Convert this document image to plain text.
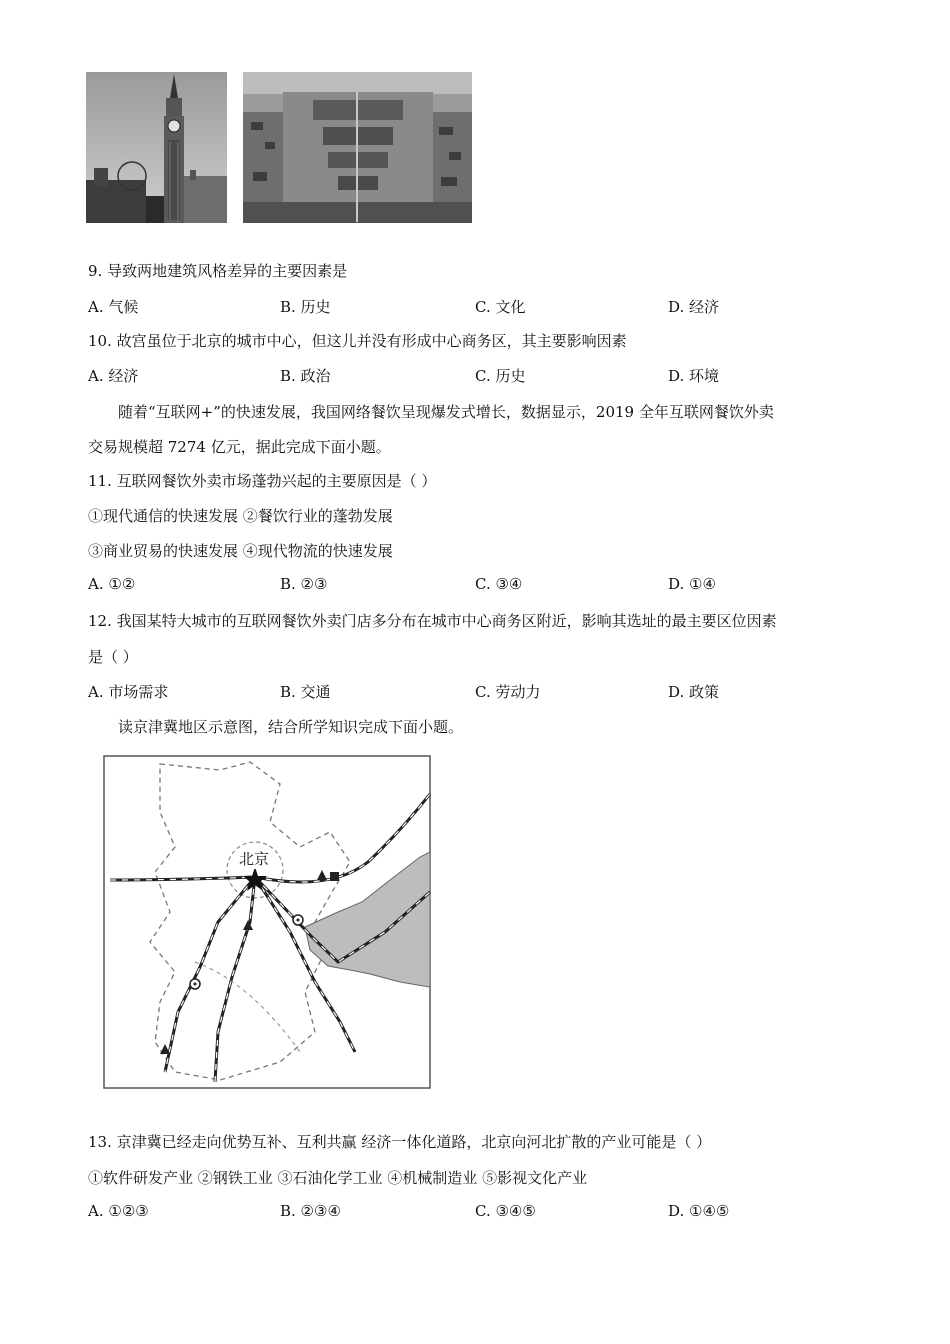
9. 导致两地建筑风格差异的主要因素是
A. 气候	B. 历史	C. 文化	D. 经济
10. 故宫虽位于北京的城市中心，但这儿并没有形成中心商务区，其主要影响因素
A. 经济	B. 政治	C. 历史	D. 环境
随着“互联网+”的快速发展，我国网络餐饮呈现爆发式增长，数据显示，2019 全年互联网餐饮外卖
交易规模超 7274 亿元，据此完成下面小题。
11. 互联网餐饮外卖市场蓬勃兴起的主要原因是（ ）
①现代通信的快速发展 ②餐饮行业的蓬勃发展
③商业贸易的快速发展 ④现代物流的快速发展
A. ①②	B. ②③	C. ③④	D. ①④
12. 我国某特大城市的互联网餐饮外卖门店多分布在城市中心商务区附近，影响其选址的最主要区位因素
是（ ）
A. 市场需求	B. 交通	C. 劳动力	D. 政策
读京津冀地区示意图，结合所学知识完成下面小题。
北京
13. 京津冀已经走向优势互补、互利共赢 经济一体化道路，北京向河北扩散的产业可能是（ ）
①软件研发产业 ②钢铁工业 ③石油化学工业 ④机械制造业 ⑤影视文化产业
A. ①②③	B. ②③④	C. ③④⑤	D. ①④⑤
